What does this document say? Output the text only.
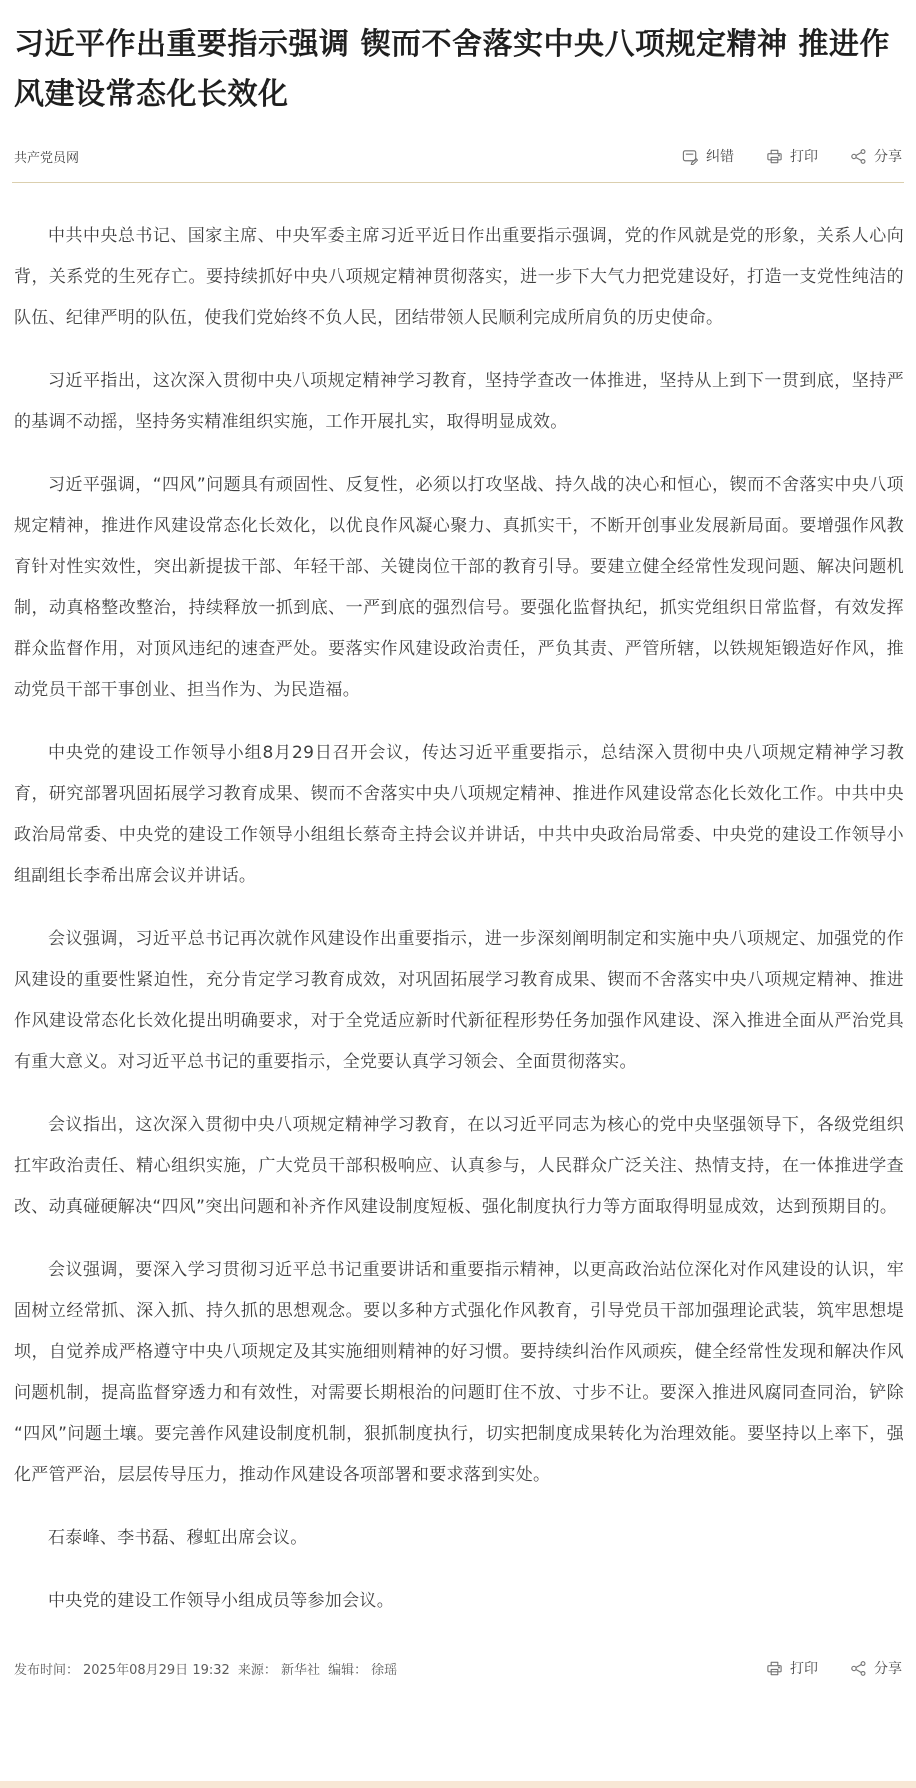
习近平作出重要指示强调 锲而不舍落实中央八项规定精神 推进作风建设常态化长效化
共产党员网	纠错	打印	分享

中共中央总书记、国家主席、中央军委主席习近平近日作出重要指示强调，党的作风就是党的形象，关系人心向背，关系党的生死存亡。要持续抓好中央八项规定精神贯彻落实，进一步下大气力把党建设好，打造一支党性纯洁的队伍、纪律严明的队伍，使我们党始终不负人民，团结带领人民顺利完成所肩负的历史使命。

习近平指出，这次深入贯彻中央八项规定精神学习教育，坚持学查改一体推进，坚持从上到下一贯到底，坚持严的基调不动摇，坚持务实精准组织实施，工作开展扎实，取得明显成效。

习近平强调，“四风”问题具有顽固性、反复性，必须以打攻坚战、持久战的决心和恒心，锲而不舍落实中央八项规定精神，推进作风建设常态化长效化，以优良作风凝心聚力、真抓实干，不断开创事业发展新局面。要增强作风教育针对性实效性，突出新提拔干部、年轻干部、关键岗位干部的教育引导。要建立健全经常性发现问题、解决问题机制，动真格整改整治，持续释放一抓到底、一严到底的强烈信号。要强化监督执纪，抓实党组织日常监督，有效发挥群众监督作用，对顶风违纪的速查严处。要落实作风建设政治责任，严负其责、严管所辖，以铁规矩锻造好作风，推动党员干部干事创业、担当作为、为民造福。

中央党的建设工作领导小组8月29日召开会议，传达习近平重要指示，总结深入贯彻中央八项规定精神学习教育，研究部署巩固拓展学习教育成果、锲而不舍落实中央八项规定精神、推进作风建设常态化长效化工作。中共中央政治局常委、中央党的建设工作领导小组组长蔡奇主持会议并讲话，中共中央政治局常委、中央党的建设工作领导小组副组长李希出席会议并讲话。

会议强调，习近平总书记再次就作风建设作出重要指示，进一步深刻阐明制定和实施中央八项规定、加强党的作风建设的重要性紧迫性，充分肯定学习教育成效，对巩固拓展学习教育成果、锲而不舍落实中央八项规定精神、推进作风建设常态化长效化提出明确要求，对于全党适应新时代新征程形势任务加强作风建设、深入推进全面从严治党具有重大意义。对习近平总书记的重要指示，全党要认真学习领会、全面贯彻落实。

会议指出，这次深入贯彻中央八项规定精神学习教育，在以习近平同志为核心的党中央坚强领导下，各级党组织扛牢政治责任、精心组织实施，广大党员干部积极响应、认真参与，人民群众广泛关注、热情支持，在一体推进学查改、动真碰硬解决“四风”突出问题和补齐作风建设制度短板、强化制度执行力等方面取得明显成效，达到预期目的。

会议强调，要深入学习贯彻习近平总书记重要讲话和重要指示精神，以更高政治站位深化对作风建设的认识，牢固树立经常抓、深入抓、持久抓的思想观念。要以多种方式强化作风教育，引导党员干部加强理论武装，筑牢思想堤坝，自觉养成严格遵守中央八项规定及其实施细则精神的好习惯。要持续纠治作风顽疾，健全经常性发现和解决作风问题机制，提高监督穿透力和有效性，对需要长期根治的问题盯住不放、寸步不让。要深入推进风腐同查同治，铲除“四风”问题土壤。要完善作风建设制度机制，狠抓制度执行，切实把制度成果转化为治理效能。要坚持以上率下，强化严管严治，层层传导压力，推动作风建设各项部署和要求落到实处。

石泰峰、李书磊、穆虹出席会议。

中央党的建设工作领导小组成员等参加会议。

发布时间： 2025年08月29日 19:32 来源： 新华社 编辑： 徐瑶	打印	分享
